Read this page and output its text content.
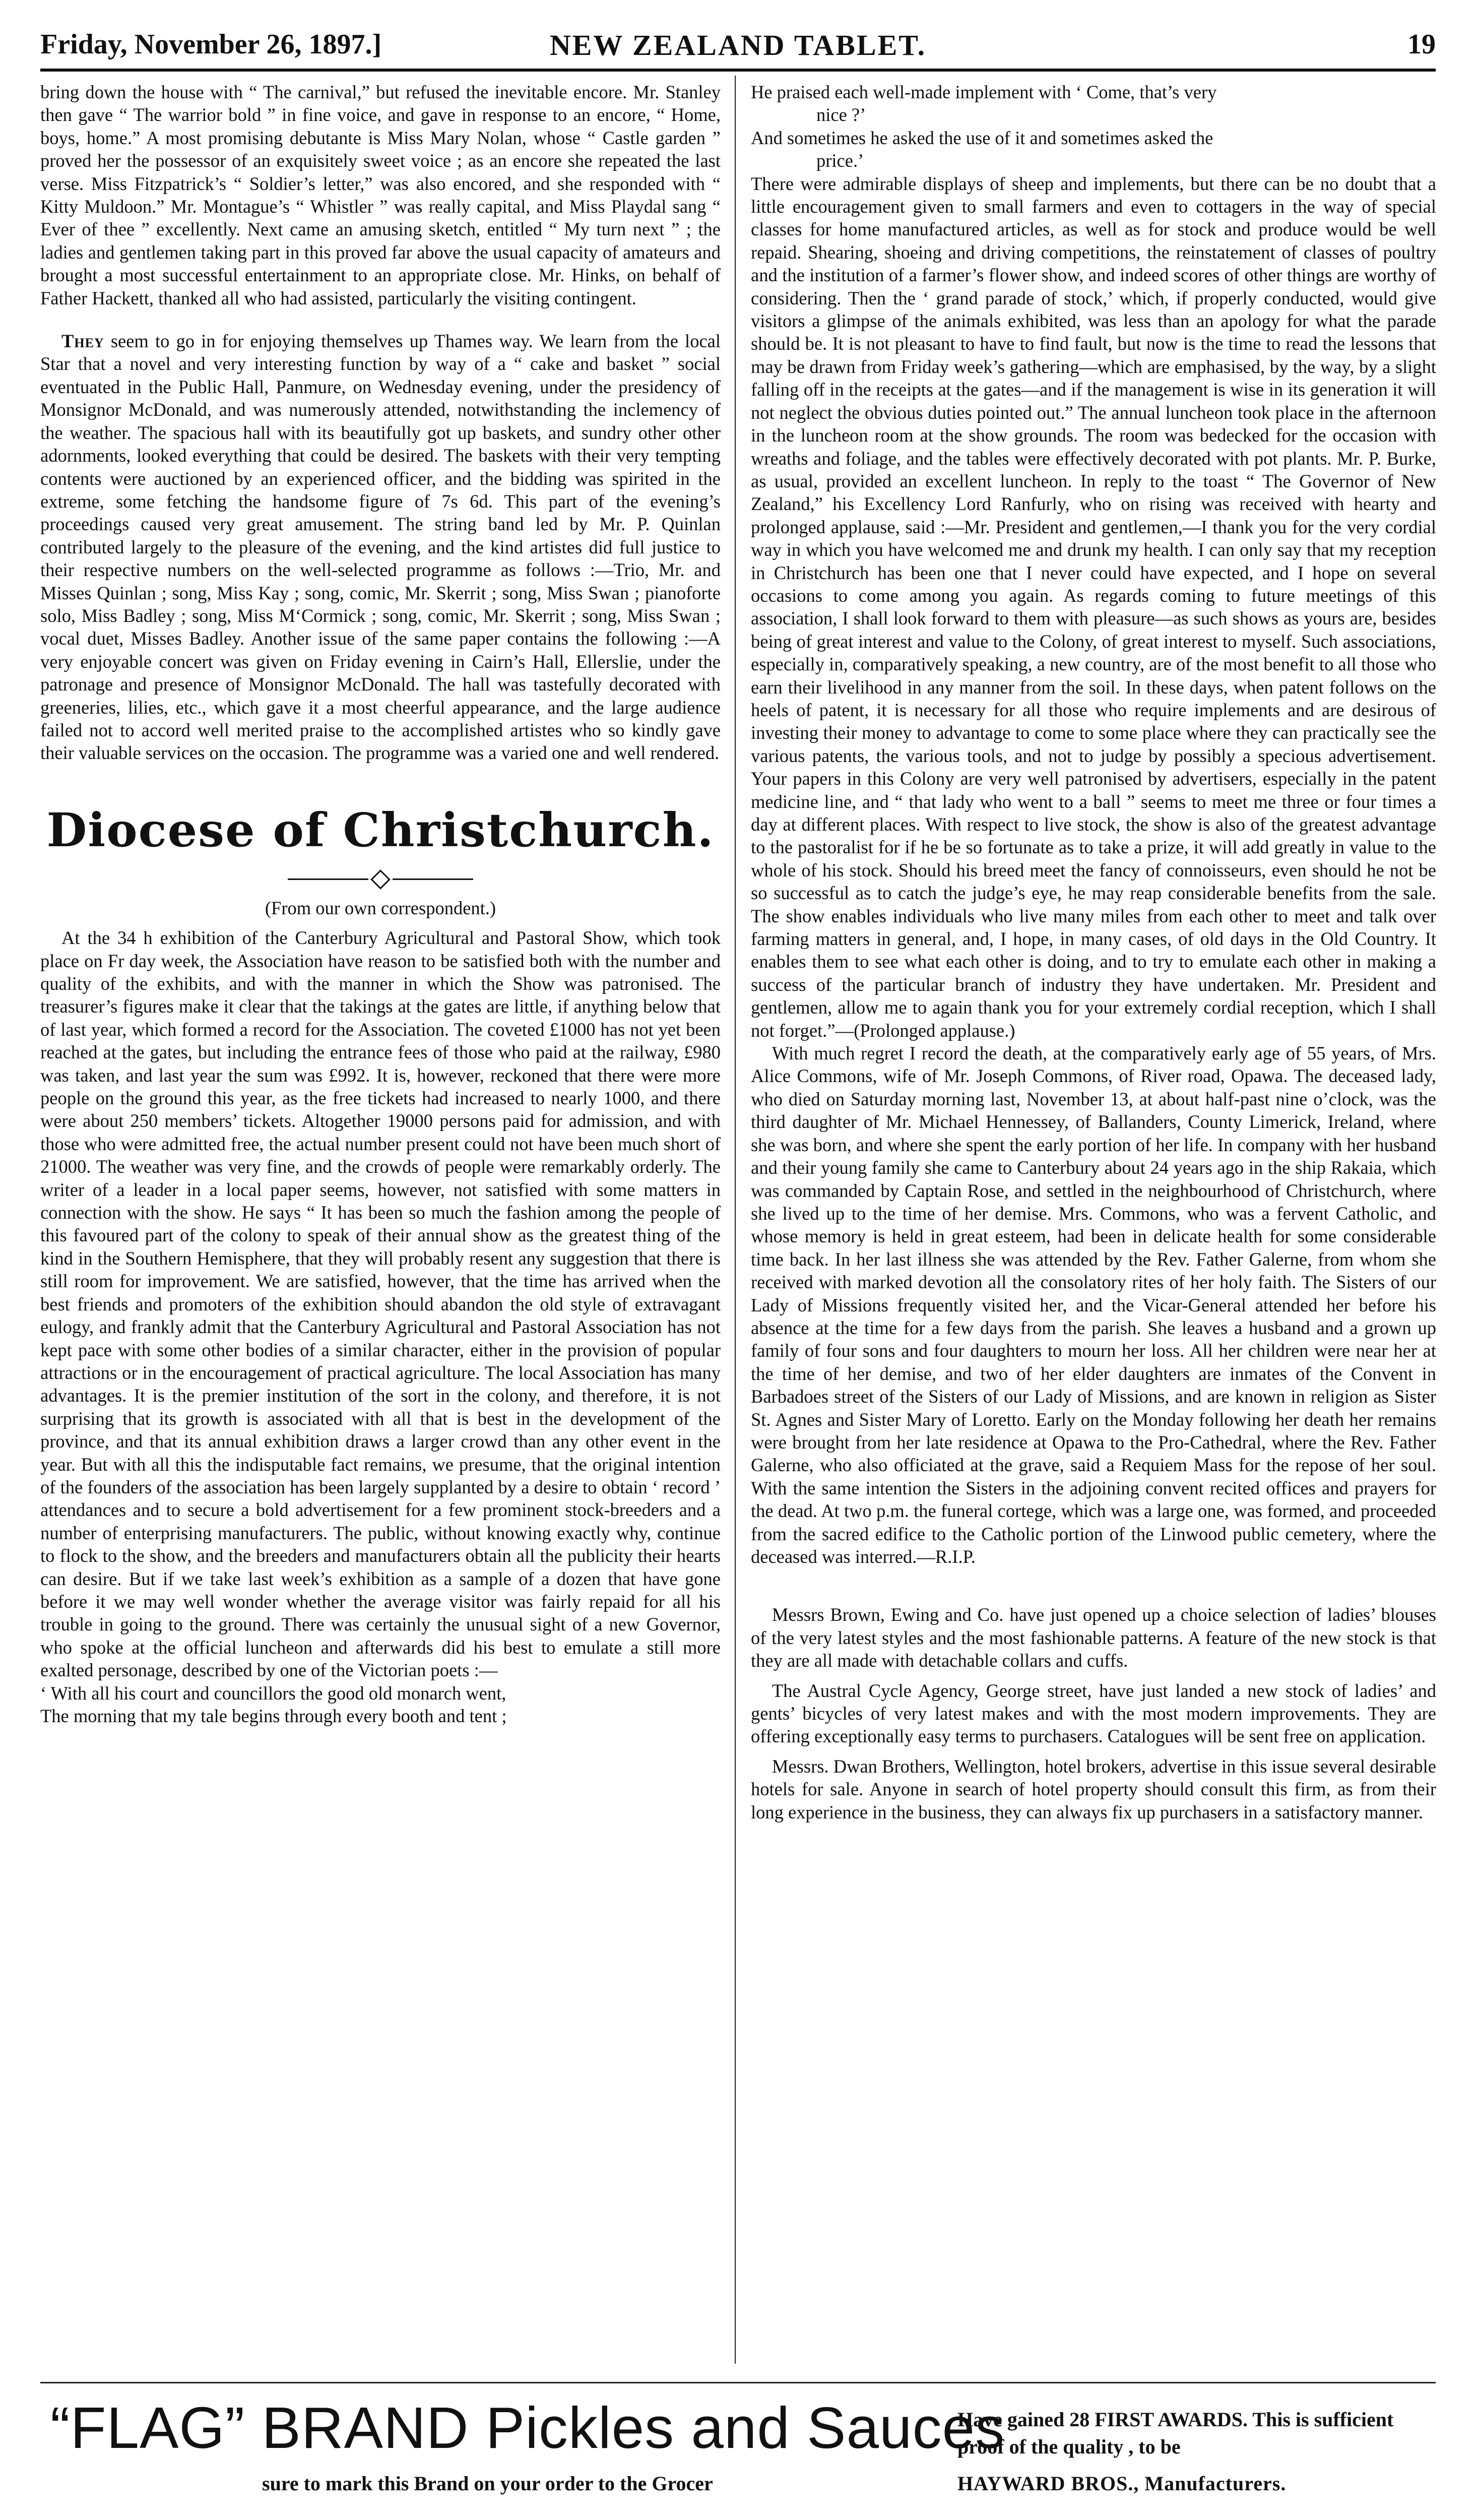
Friday, November 26, 1897.]	NEW ZEALAND TABLET.	19

bring down the house with “ The carnival,” but refused the inevitable encore. Mr. Stanley then gave “ The warrior bold ” in fine voice, and gave in response to an encore, “ Home, boys, home.” A most promising debutante is Miss Mary Nolan, whose “ Castle garden ” proved her the possessor of an exquisitely sweet voice ; as an encore she repeated the last verse. Miss Fitzpatrick’s “ Soldier’s letter,” was also encored, and she responded with “ Kitty Muldoon.” Mr. Montague’s “ Whistler ” was really capital, and Miss Playdal sang “ Ever of thee ” excellently. Next came an amusing sketch, entitled “ My turn next ” ; the ladies and gentlemen taking part in this proved far above the usual capacity of amateurs and brought a most successful entertainment to an appropriate close. Mr. Hinks, on behalf of Father Hackett, thanked all who had assisted, particularly the visiting contingent.

They seem to go in for enjoying themselves up Thames way. We learn from the local Star that a novel and very interesting function by way of a “ cake and basket ” social eventuated in the Public Hall, Panmure, on Wednesday evening, under the presidency of Monsignor McDonald, and was numerously attended, notwithstanding the inclemency of the weather. The spacious hall with its beautifully got up baskets, and sundry other other adornments, looked everything that could be desired. The baskets with their very tempting contents were auctioned by an experienced officer, and the bidding was spirited in the extreme, some fetching the handsome figure of 7s 6d. This part of the evening’s proceedings caused very great amusement. The string band led by Mr. P. Quinlan contributed largely to the pleasure of the evening, and the kind artistes did full justice to their respective numbers on the well-selected programme as follows :—Trio, Mr. and Misses Quinlan ; song, Miss Kay ; song, comic, Mr. Skerrit ; song, Miss Swan ; pianoforte solo, Miss Badley ; song, Miss M‘Cormick ; song, comic, Mr. Skerrit ; song, Miss Swan ; vocal duet, Misses Badley. Another issue of the same paper contains the following :—A very enjoyable concert was given on Friday evening in Cairn’s Hall, Ellerslie, under the patronage and presence of Monsignor McDonald. The hall was tastefully decorated with greeneries, lilies, etc., which gave it a most cheerful appearance, and the large audience failed not to accord well merited praise to the accomplished artistes who so kindly gave their valuable services on the occasion. The programme was a varied one and well rendered.

Diocese of Christchurch.

(From our own correspondent.)

At the 34 h exhibition of the Canterbury Agricultural and Pastoral Show, which took place on Fr day week, the Association have reason to be satisfied both with the number and quality of the exhibits, and with the manner in which the Show was patronised. The treasurer’s figures make it clear that the takings at the gates are little, if anything below that of last year, which formed a record for the Association. The coveted £1000 has not yet been reached at the gates, but including the entrance fees of those who paid at the railway, £980 was taken, and last year the sum was £992. It is, however, reckoned that there were more people on the ground this year, as the free tickets had increased to nearly 1000, and there were about 250 members’ tickets. Altogether 19000 persons paid for admission, and with those who were admitted free, the actual number present could not have been much short of 21000. The weather was very fine, and the crowds of people were remarkably orderly. The writer of a leader in a local paper seems, however, not satisfied with some matters in connection with the show. He says “ It has been so much the fashion among the people of this favoured part of the colony to speak of their annual show as the greatest thing of the kind in the Southern Hemisphere, that they will probably resent any suggestion that there is still room for improvement. We are satisfied, however, that the time has arrived when the best friends and promoters of the exhibition should abandon the old style of extravagant eulogy, and frankly admit that the Canterbury Agricultural and Pastoral Association has not kept pace with some other bodies of a similar character, either in the provision of popular attractions or in the encouragement of practical agriculture. The local Association has many advantages. It is the premier institution of the sort in the colony, and therefore, it is not surprising that its growth is associated with all that is best in the development of the province, and that its annual exhibition draws a larger crowd than any other event in the year. But with all this the indisputable fact remains, we presume, that the original intention of the founders of the association has been largely supplanted by a desire to obtain ‘ record ’ attendances and to secure a bold advertisement for a few prominent stock-breeders and a number of enterprising manufacturers. The public, without knowing exactly why, continue to flock to the show, and the breeders and manufacturers obtain all the publicity their hearts can desire. But if we take last week’s exhibition as a sample of a dozen that have gone before it we may well wonder whether the average visitor was fairly repaid for all his trouble in going to the ground. There was certainly the unusual sight of a new Governor, who spoke at the official luncheon and afterwards did his best to emulate a still more exalted personage, described by one of the Victorian poets :—

‘ With all his court and councillors the good old monarch went,

The morning that my tale begins through every booth and tent ;

He praised each well-made implement with ‘ Come, that’s very

nice ?’

And sometimes he asked the use of it and sometimes asked the

price.’

There were admirable displays of sheep and implements, but there can be no doubt that a little encouragement given to small farmers and even to cottagers in the way of special classes for home manufactured articles, as well as for stock and produce would be well repaid. Shearing, shoeing and driving competitions, the reinstatement of classes of poultry and the institution of a farmer’s flower show, and indeed scores of other things are worthy of considering. Then the ‘ grand parade of stock,’ which, if properly conducted, would give visitors a glimpse of the animals exhibited, was less than an apology for what the parade should be. It is not pleasant to have to find fault, but now is the time to read the lessons that may be drawn from Friday week’s gathering—which are emphasised, by the way, by a slight falling off in the receipts at the gates—and if the management is wise in its generation it will not neglect the obvious duties pointed out.” The annual luncheon took place in the afternoon in the luncheon room at the show grounds. The room was bedecked for the occasion with wreaths and foliage, and the tables were effectively decorated with pot plants. Mr. P. Burke, as usual, provided an excellent luncheon. In reply to the toast “ The Governor of New Zealand,” his Excellency Lord Ranfurly, who on rising was received with hearty and prolonged applause, said :—Mr. President and gentlemen,—I thank you for the very cordial way in which you have welcomed me and drunk my health. I can only say that my reception in Christchurch has been one that I never could have expected, and I hope on several occasions to come among you again. As regards coming to future meetings of this association, I shall look forward to them with pleasure—as such shows as yours are, besides being of great interest and value to the Colony, of great interest to myself. Such associations, especially in, comparatively speaking, a new country, are of the most benefit to all those who earn their livelihood in any manner from the soil. In these days, when patent follows on the heels of patent, it is necessary for all those who require implements and are desirous of investing their money to advantage to come to some place where they can practically see the various patents, the various tools, and not to judge by possibly a specious advertisement. Your papers in this Colony are very well patronised by advertisers, especially in the patent medicine line, and “ that lady who went to a ball ” seems to meet me three or four times a day at different places. With respect to live stock, the show is also of the greatest advantage to the pastoralist for if he be so fortunate as to take a prize, it will add greatly in value to the whole of his stock. Should his breed meet the fancy of connoisseurs, even should he not be so successful as to catch the judge’s eye, he may reap considerable benefits from the sale. The show enables individuals who live many miles from each other to meet and talk over farming matters in general, and, I hope, in many cases, of old days in the Old Country. It enables them to see what each other is doing, and to try to emulate each other in making a success of the particular branch of industry they have undertaken. Mr. President and gentlemen, allow me to again thank you for your extremely cordial reception, which I shall not forget.”—(Prolonged applause.)

With much regret I record the death, at the comparatively early age of 55 years, of Mrs. Alice Commons, wife of Mr. Joseph Commons, of River road, Opawa. The deceased lady, who died on Saturday morning last, November 13, at about half-past nine o’clock, was the third daughter of Mr. Michael Hennessey, of Ballanders, County Limerick, Ireland, where she was born, and where she spent the early portion of her life. In company with her husband and their young family she came to Canterbury about 24 years ago in the ship Rakaia, which was commanded by Captain Rose, and settled in the neighbourhood of Christchurch, where she lived up to the time of her demise. Mrs. Commons, who was a fervent Catholic, and whose memory is held in great esteem, had been in delicate health for some considerable time back. In her last illness she was attended by the Rev. Father Galerne, from whom she received with marked devotion all the consolatory rites of her holy faith. The Sisters of our Lady of Missions frequently visited her, and the Vicar-General attended her before his absence at the time for a few days from the parish. She leaves a husband and a grown up family of four sons and four daughters to mourn her loss. All her children were near her at the time of her demise, and two of her elder daughters are inmates of the Convent in Barbadoes street of the Sisters of our Lady of Missions, and are known in religion as Sister St. Agnes and Sister Mary of Loretto. Early on the Monday following her death her remains were brought from her late residence at Opawa to the Pro-Cathedral, where the Rev. Father Galerne, who also officiated at the grave, said a Requiem Mass for the repose of her soul. With the same intention the Sisters in the adjoining convent recited offices and prayers for the dead. At two p.m. the funeral cortege, which was a large one, was formed, and proceeded from the sacred edifice to the Catholic portion of the Linwood public cemetery, where the deceased was interred.—R.I.P.

Messrs Brown, Ewing and Co. have just opened up a choice selection of ladies’ blouses of the very latest styles and the most fashionable patterns. A feature of the new stock is that they are all made with detachable collars and cuffs.

The Austral Cycle Agency, George street, have just landed a new stock of ladies’ and gents’ bicycles of very latest makes and with the most modern improvements. They are offering exceptionally easy terms to purchasers. Catalogues will be sent free on application.

Messrs. Dwan Brothers, Wellington, hotel brokers, advertise in this issue several desirable hotels for sale. Anyone in search of hotel property should consult this firm, as from their long experience in the business, they can always fix up purchasers in a satisfactory manner.

“FLAG” BRAND Pickles and Sauces
sure to mark this Brand on your order to the Grocer
Have gained 28 FIRST AWARDS. This is sufficient proof of the quality , to be
HAYWARD BROS., Manufacturers.
